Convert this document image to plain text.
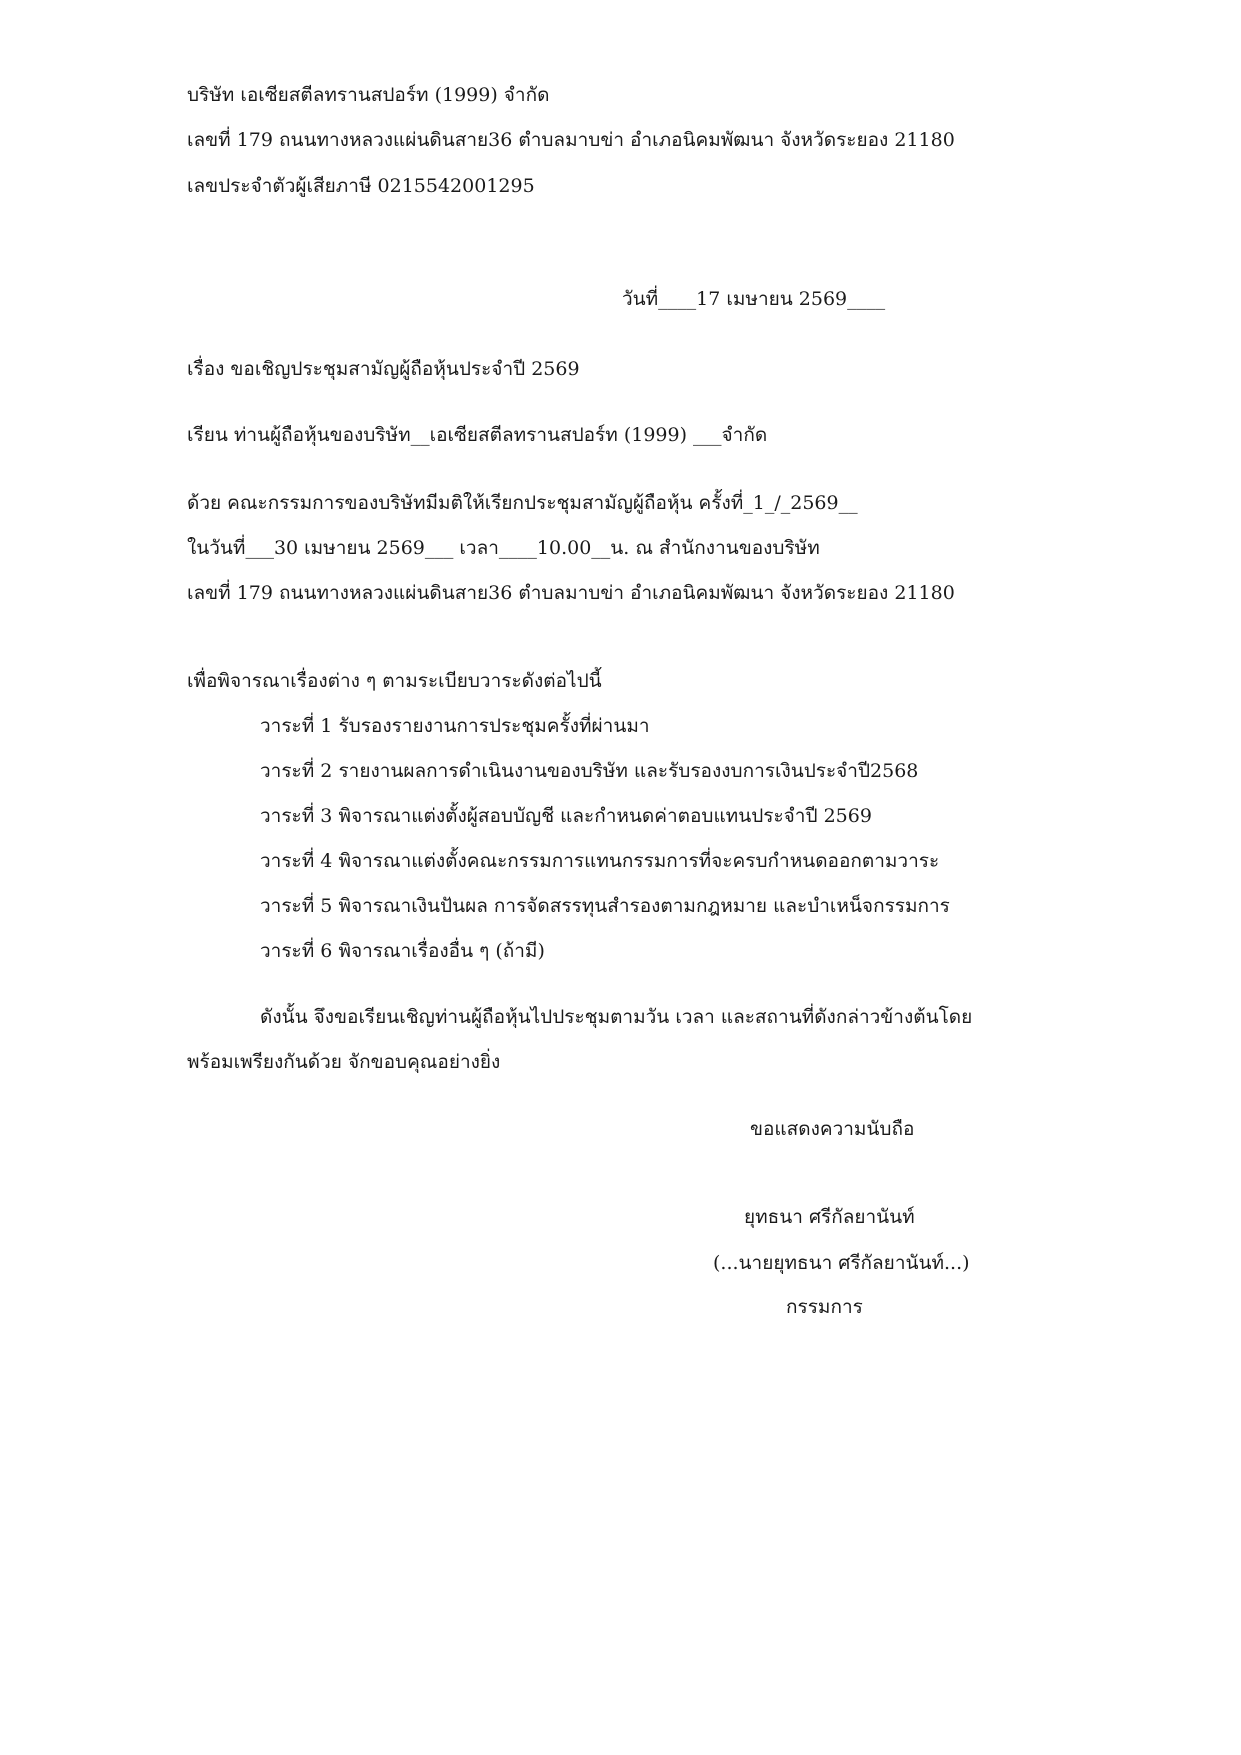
บริษัท เอเซียสตีลทรานสปอร์ท (1999) จำกัด
เลขที่ 179 ถนนทางหลวงแผ่นดินสาย36 ตำบลมาบข่า อำเภอนิคมพัฒนา จังหวัดระยอง 21180
เลขประจำตัวผู้เสียภาษี 0215542001295
วันที่____17 เมษายน 2569____
เรื่อง ขอเชิญประชุมสามัญผู้ถือหุ้นประจำปี 2569
เรียน ท่านผู้ถือหุ้นของบริษัท__เอเซียสตีลทรานสปอร์ท (1999) ___จำกัด
ด้วย คณะกรรมการของบริษัทมีมติให้เรียกประชุมสามัญผู้ถือหุ้น ครั้งที่_1_/_2569__
ในวันที่___30 เมษายน 2569___ เวลา____10.00__น. ณ สำนักงานของบริษัท
เลขที่ 179 ถนนทางหลวงแผ่นดินสาย36 ตำบลมาบข่า อำเภอนิคมพัฒนา จังหวัดระยอง 21180
เพื่อพิจารณาเรื่องต่าง ๆ ตามระเบียบวาระดังต่อไปนี้
วาระที่ 1 รับรองรายงานการประชุมครั้งที่ผ่านมา
วาระที่ 2 รายงานผลการดำเนินงานของบริษัท และรับรองงบการเงินประจำปี2568
วาระที่ 3 พิจารณาแต่งตั้งผู้สอบบัญชี และกำหนดค่าตอบแทนประจำปี 2569
วาระที่ 4 พิจารณาแต่งตั้งคณะกรรมการแทนกรรมการที่จะครบกำหนดออกตามวาระ
วาระที่ 5 พิจารณาเงินปันผล การจัดสรรทุนสำรองตามกฎหมาย และบำเหน็จกรรมการ
วาระที่ 6 พิจารณาเรื่องอื่น ๆ (ถ้ามี)
ดังนั้น จึงขอเรียนเชิญท่านผู้ถือหุ้นไปประชุมตามวัน เวลา และสถานที่ดังกล่าวข้างต้นโดย
พร้อมเพรียงกันด้วย จักขอบคุณอย่างยิ่ง
ขอแสดงความนับถือ
ยุทธนา ศรีกัลยานันท์
(...นายยุทธนา ศรีกัลยานันท์...)
กรรมการ
